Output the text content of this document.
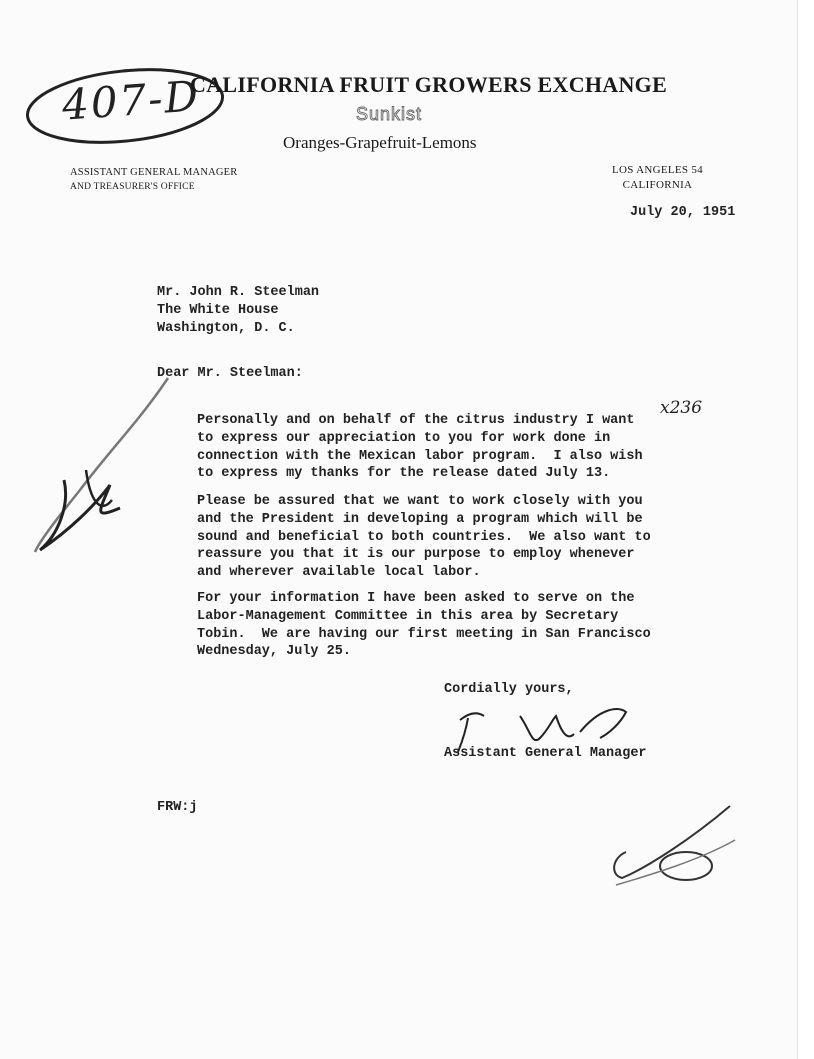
407-D
CALIFORNIA FRUIT GROWERS EXCHANGE
Sunkist
Oranges-Grapefruit-Lemons
ASSISTANT GENERAL MANAGER
AND TREASURER'S OFFICE
LOS ANGELES 54
CALIFORNIA
July 20, 1951
Mr. John R. Steelman
The White House
Washington, D. C.
Dear Mr. Steelman:
x236
Personally and on behalf of the citrus industry I want
to express our appreciation to you for work done in
connection with the Mexican labor program.  I also wish
to express my thanks for the release dated July 13.
Please be assured that we want to work closely with you
and the President in developing a program which will be
sound and beneficial to both countries.  We also want to
reassure you that it is our purpose to employ whenever
and wherever available local labor.
For your information I have been asked to serve on the
Labor-Management Committee in this area by Secretary
Tobin.  We are having our first meeting in San Francisco
Wednesday, July 25.
Cordially yours,
Assistant General Manager
FRW:j
